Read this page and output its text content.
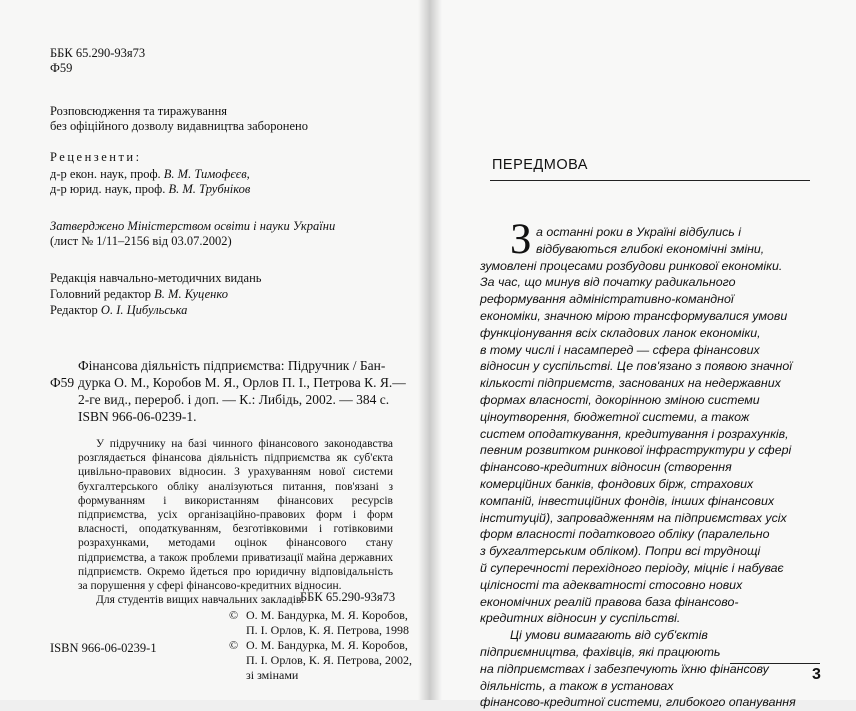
ББК 65.290-93я73
Ф59
Розповсюдження та тиражування
без офіційного дозволу видавництва заборонено
Рецензенти:
д-р екон. наук, проф. В. М. Тимофєєв,
д-р юрид. наук, проф. В. М. Трубніков
Затверджено Міністерством освіти і науки України
(лист № 1/11–2156 від 03.07.2002)
Редакція навчально-методичних видань
Головний редактор В. М. Куценко
Редактор О. І. Цибульська
Фінансова діяльність підприємства: Підручник / Бан-
Ф59 дурка О. М., Коробов М. Я., Орлов П. І., Петрова К. Я.—
2-ге вид., перероб. і доп. — К.: Либідь, 2002. — 384 с.
ISBN 966-06-0239-1.

У підручнику на базі чинного фінансового законодавства розглядається фінансова діяльність підприємства як суб'єкта цивільно-правових відносин. З урахуванням нової системи бухгалтерського обліку аналізуються питання, пов'язані з формуванням і використанням фінансових ресурсів підприємства, усіх організаційно-правових форм і форм власності, оподаткуванням, безготівковими і готівковими розрахунками, методами оцінок фінансового стану підприємства, а також проблеми приватизації майна державних підприємств. Окремо йдеться про юридичну відповідальність за порушення у сфері фінансово-кредитних відносин.

Для студентів вищих навчальних закладів.

ББК 65.290-93я73
© О. М. Бандурка, М. Я. Коробов,
П. І. Орлов, К. Я. Петрова, 1998
© О. М. Бандурка, М. Я. Коробов,
П. І. Орлов, К. Я. Петрова, 2002,
зі змінами
ISBN 966-06-0239-1
ПЕРЕДМОВА
З а останні роки в Україні відбулись і
відбуваються глибокі економічні зміни,
зумовлені процесами розбудови ринкової економіки.
За час, що минув від початку радикального
реформування адміністративно-командної
економіки, значною мірою трансформувалися умови
функціонування всіх складових ланок економіки,
в тому числі і насамперед — сфера фінансових
відносин у суспільстві. Це пов'язано з появою значної
кількості підприємств, заснованих на недержавних
формах власності, докорінною зміною системи
ціноутворення, бюджетної системи, а також
систем оподаткування, кредитування і розрахунків,
певним розвитком ринкової інфраструктури у сфері
фінансово-кредитних відносин (створення
комерційних банків, фондових бірж, страхових
компаній, інвестиційних фондів, інших фінансових
інституцій), запровадженням на підприємствах усіх
форм власності податкового обліку (паралельно
з бухгалтерським обліком). Попри всі труднощі
й суперечності перехідного періоду, міцніє і набуває
цілісності та адекватності стосовно нових
економічних реалій правова база фінансово-
кредитних відносин у суспільстві.
Ці умови вимагають від суб'єктів
підприємництва, фахівців, які працюють
на підприємствах і забезпечують їхню фінансову
діяльність, а також в установах
фінансово-кредитної системи, глибокого опанування
3
